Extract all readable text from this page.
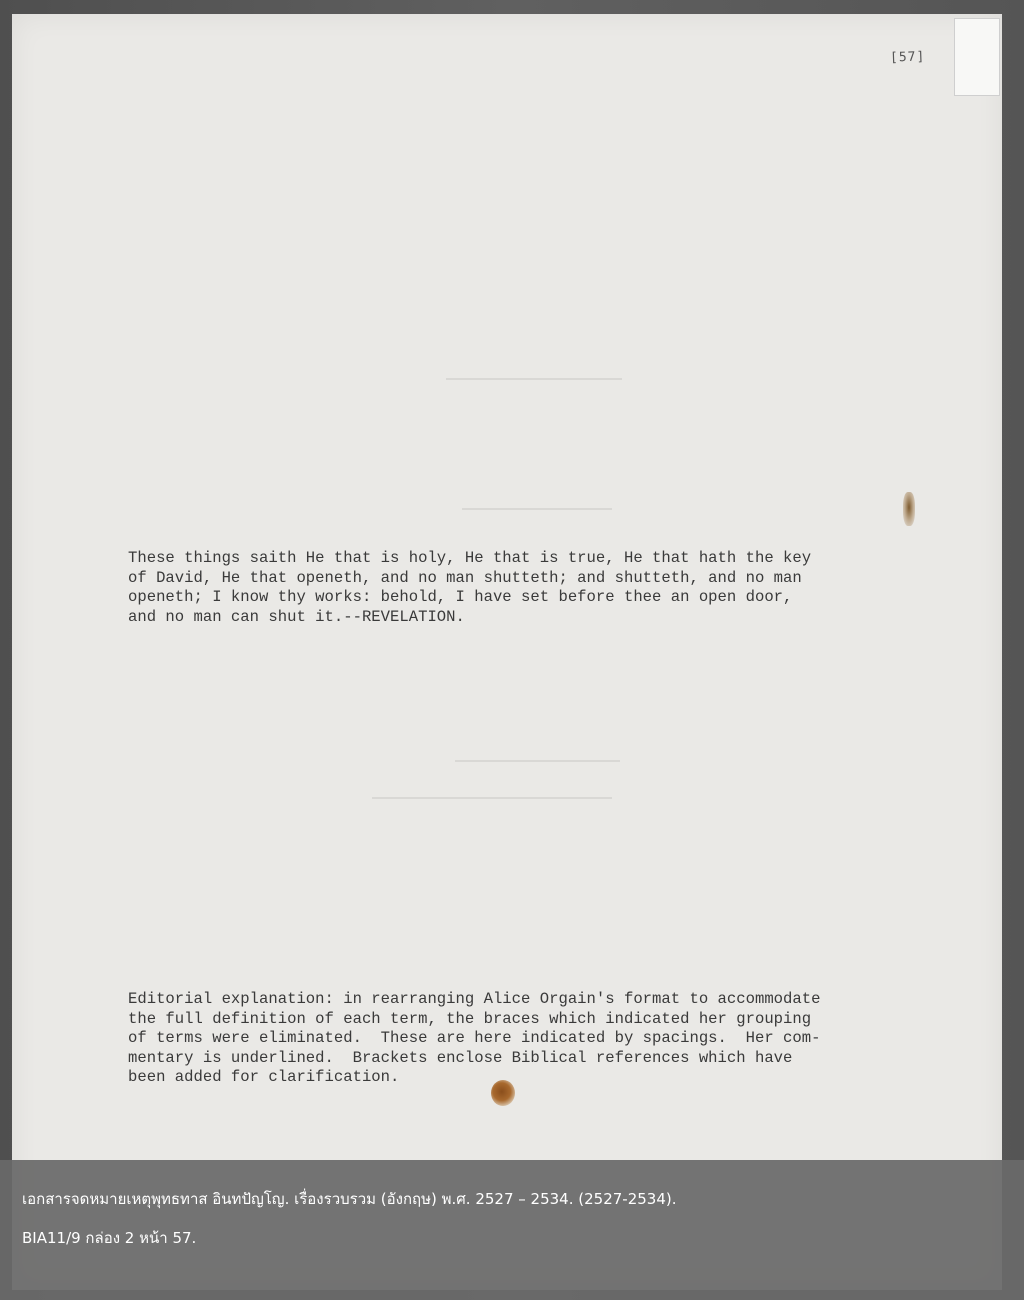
[57]
These things saith He that is holy, He that is true, He that hath the key
of David, He that openeth, and no man shutteth; and shutteth, and no man
openeth; I know thy works: behold, I have set before thee an open door,
and no man can shut it.--REVELATION.
Editorial explanation: in rearranging Alice Orgain's format to accommodate
the full definition of each term, the braces which indicated her grouping
of terms were eliminated.  These are here indicated by spacings.  Her com-
mentary is underlined.  Brackets enclose Biblical references which have
been added for clarification.
เอกสารจดหมายเหตุพุทธทาส อินทปัญโญ. เรื่องรวบรวม (อังกฤษ) พ.ศ. 2527 – 2534. (2527-2534).
BIA11/9 กล่อง 2 หน้า 57.
